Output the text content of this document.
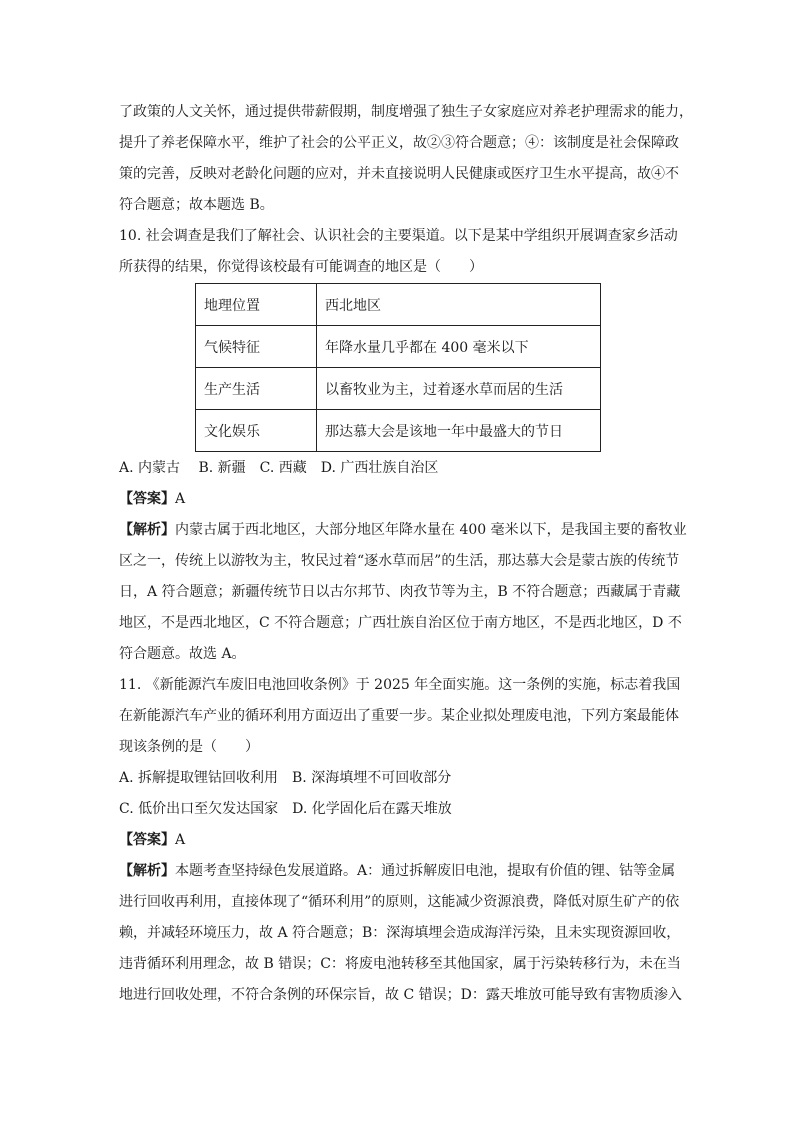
了政策的人文关怀，通过提供带薪假期，制度增强了独生子女家庭应对养老护理需求的能力，
提升了养老保障水平，维护了社会的公平正义，故②③符合题意；④：该制度是社会保障政
策的完善，反映对老龄化问题的应对，并未直接说明人民健康或医疗卫生水平提高，故④不
符合题意；故本题选 B。

10. 社会调查是我们了解社会、认识社会的主要渠道。以下是某中学组织开展调查家乡活动
所获得的结果，你觉得该校最有可能调查的地区是（　　）

地理位置	西北地区
气候特征	年降水量几乎都在 400 毫米以下
生产生活	以畜牧业为主，过着逐水草而居的生活
文化娱乐	那达慕大会是该地一年中最盛大的节日

A. 内蒙古　 B. 新疆　C. 西藏　D. 广西壮族自治区

【答案】A

【解析】内蒙古属于西北地区，大部分地区年降水量在 400 毫米以下，是我国主要的畜牧业
区之一，传统上以游牧为主，牧民过着“逐水草而居”的生活，那达慕大会是蒙古族的传统节
日，A 符合题意；新疆传统节日以古尔邦节、肉孜节等为主，B 不符合题意；西藏属于青藏
地区，不是西北地区，C 不符合题意；广西壮族自治区位于南方地区，不是西北地区，D 不
符合题意。故选 A。

11. 《新能源汽车废旧电池回收条例》于 2025 年全面实施。这一条例的实施，标志着我国
在新能源汽车产业的循环利用方面迈出了重要一步。某企业拟处理废电池，下列方案最能体
现该条例的是（　　）

A. 拆解提取锂钴回收利用　B. 深海填埋不可回收部分
C. 低价出口至欠发达国家　D. 化学固化后在露天堆放

【答案】A

【解析】本题考查坚持绿色发展道路。A：通过拆解废旧电池，提取有价值的锂、钴等金属
进行回收再利用，直接体现了“循环利用”的原则，这能减少资源浪费，降低对原生矿产的依
赖，并减轻环境压力，故 A 符合题意；B：深海填埋会造成海洋污染，且未实现资源回收，
违背循环利用理念，故 B 错误；C：将废电池转移至其他国家，属于污染转移行为，未在当
地进行回收处理，不符合条例的环保宗旨，故 C 错误；D：露天堆放可能导致有害物质渗入
